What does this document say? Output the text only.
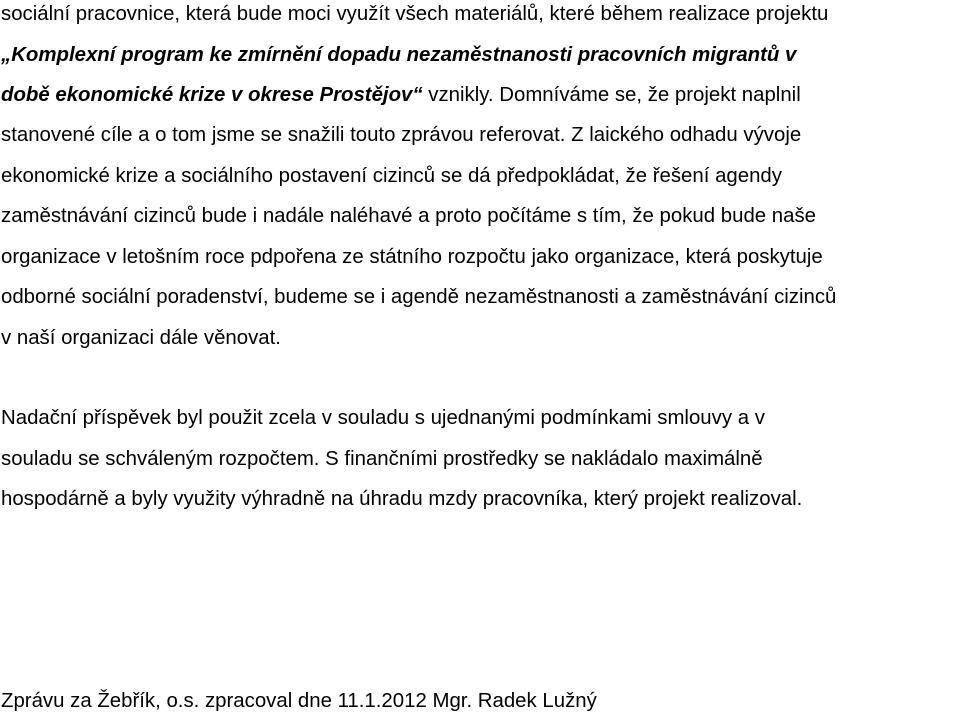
sociální pracovnice, která bude moci využít všech materiálů, které během realizace projektu
„Komplexní program ke zmírnění dopadu nezaměstnanosti pracovních migrantů v
době ekonomické krize v okrese Prostějov“ vznikly. Domníváme se, že projekt naplnil
stanovené cíle a o tom jsme se snažili touto zprávou referovat. Z laického odhadu vývoje
ekonomické krize a sociálního postavení cizinců se dá předpokládat, že řešení agendy
zaměstnávání cizinců bude i nadále naléhavé a proto počítáme s tím, že pokud bude naše
organizace v letošním roce pdpořena ze státního rozpočtu jako organizace, která poskytuje
odborné sociální poradenství, budeme se i agendě nezaměstnanosti a zaměstnávání cizinců
v naší organizaci dále věnovat.
Nadační příspěvek byl použit zcela v souladu s ujednanými podmínkami smlouvy a v
souladu se schváleným rozpočtem. S finančními prostředky se nakládalo maximálně
hospodárně a byly využity výhradně na úhradu mzdy pracovníka, který projekt realizoval.
Zprávu za Žebřík, o.s. zpracoval dne 11.1.2012 Mgr. Radek Lužný
